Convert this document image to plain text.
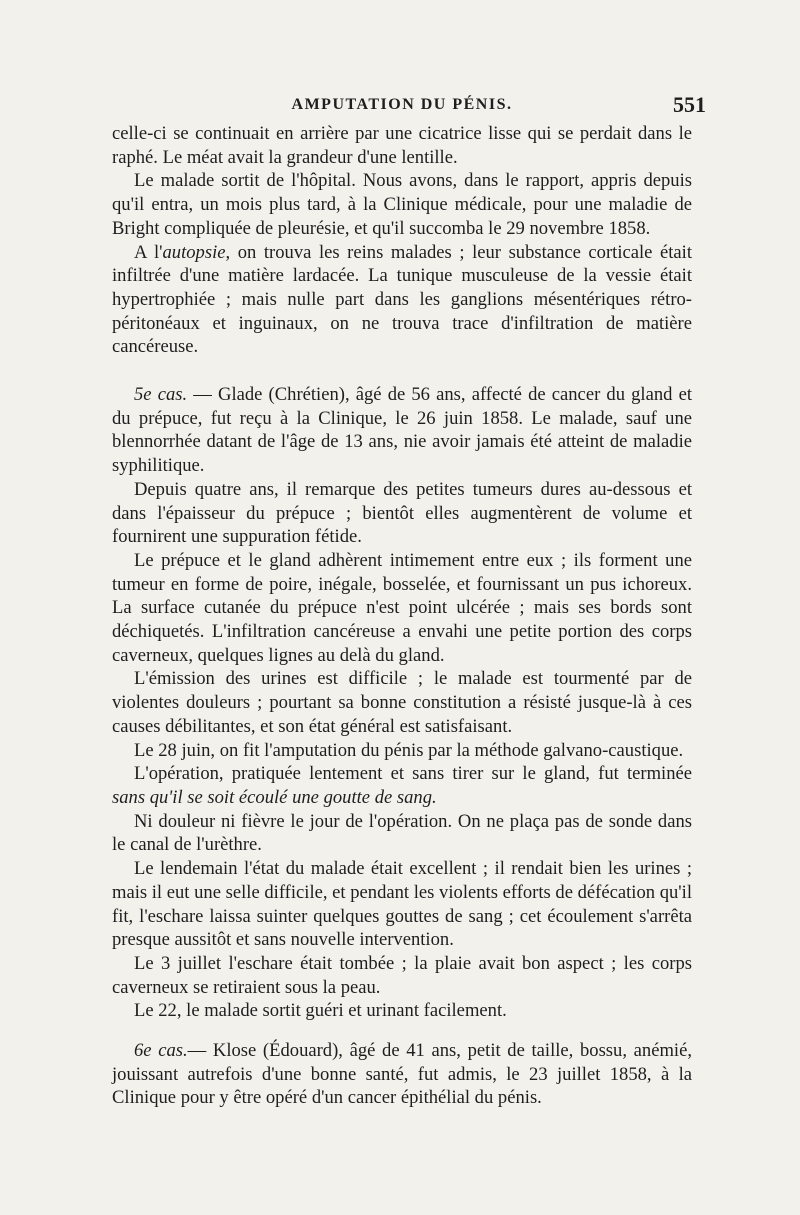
AMPUTATION DU PÉNIS.	551

celle-ci se continuait en arrière par une cicatrice lisse qui se perdait dans le raphé. Le méat avait la grandeur d'une lentille.

Le malade sortit de l'hôpital. Nous avons, dans le rapport, appris depuis qu'il entra, un mois plus tard, à la Clinique médicale, pour une maladie de Bright compliquée de pleurésie, et qu'il succomba le 29 novembre 1858.

A l'autopsie, on trouva les reins malades ; leur substance corticale était infiltrée d'une matière lardacée. La tunique musculeuse de la vessie était hypertrophiée ; mais nulle part dans les ganglions mésentériques rétro-péritonéaux et inguinaux, on ne trouva trace d'infiltration de matière cancéreuse.

5e cas. — Glade (Chrétien), âgé de 56 ans, affecté de cancer du gland et du prépuce, fut reçu à la Clinique, le 26 juin 1858. Le malade, sauf une blennorrhée datant de l'âge de 13 ans, nie avoir jamais été atteint de maladie syphilitique.

Depuis quatre ans, il remarque des petites tumeurs dures au-dessous et dans l'épaisseur du prépuce ; bientôt elles augmentèrent de volume et fournirent une suppuration fétide.

Le prépuce et le gland adhèrent intimement entre eux ; ils forment une tumeur en forme de poire, inégale, bosselée, et fournissant un pus ichoreux. La surface cutanée du prépuce n'est point ulcérée ; mais ses bords sont déchiquetés. L'infiltration cancéreuse a envahi une petite portion des corps caverneux, quelques lignes au delà du gland.

L'émission des urines est difficile ; le malade est tourmenté par de violentes douleurs ; pourtant sa bonne constitution a résisté jusque-là à ces causes débilitantes, et son état général est satisfaisant.

Le 28 juin, on fit l'amputation du pénis par la méthode galvano-caustique.

L'opération, pratiquée lentement et sans tirer sur le gland, fut terminée sans qu'il se soit écoulé une goutte de sang.

Ni douleur ni fièvre le jour de l'opération. On ne plaça pas de sonde dans le canal de l'urèthre.

Le lendemain l'état du malade était excellent ; il rendait bien les urines ; mais il eut une selle difficile, et pendant les violents efforts de défécation qu'il fit, l'eschare laissa suinter quelques gouttes de sang ; cet écoulement s'arrêta presque aussitôt et sans nouvelle intervention.

Le 3 juillet l'eschare était tombée ; la plaie avait bon aspect ; les corps caverneux se retiraient sous la peau.

Le 22, le malade sortit guéri et urinant facilement.

6e cas.— Klose (Édouard), âgé de 41 ans, petit de taille, bossu, anémié, jouissant autrefois d'une bonne santé, fut admis, le 23 juillet 1858, à la Clinique pour y être opéré d'un cancer épithélial du pénis.
